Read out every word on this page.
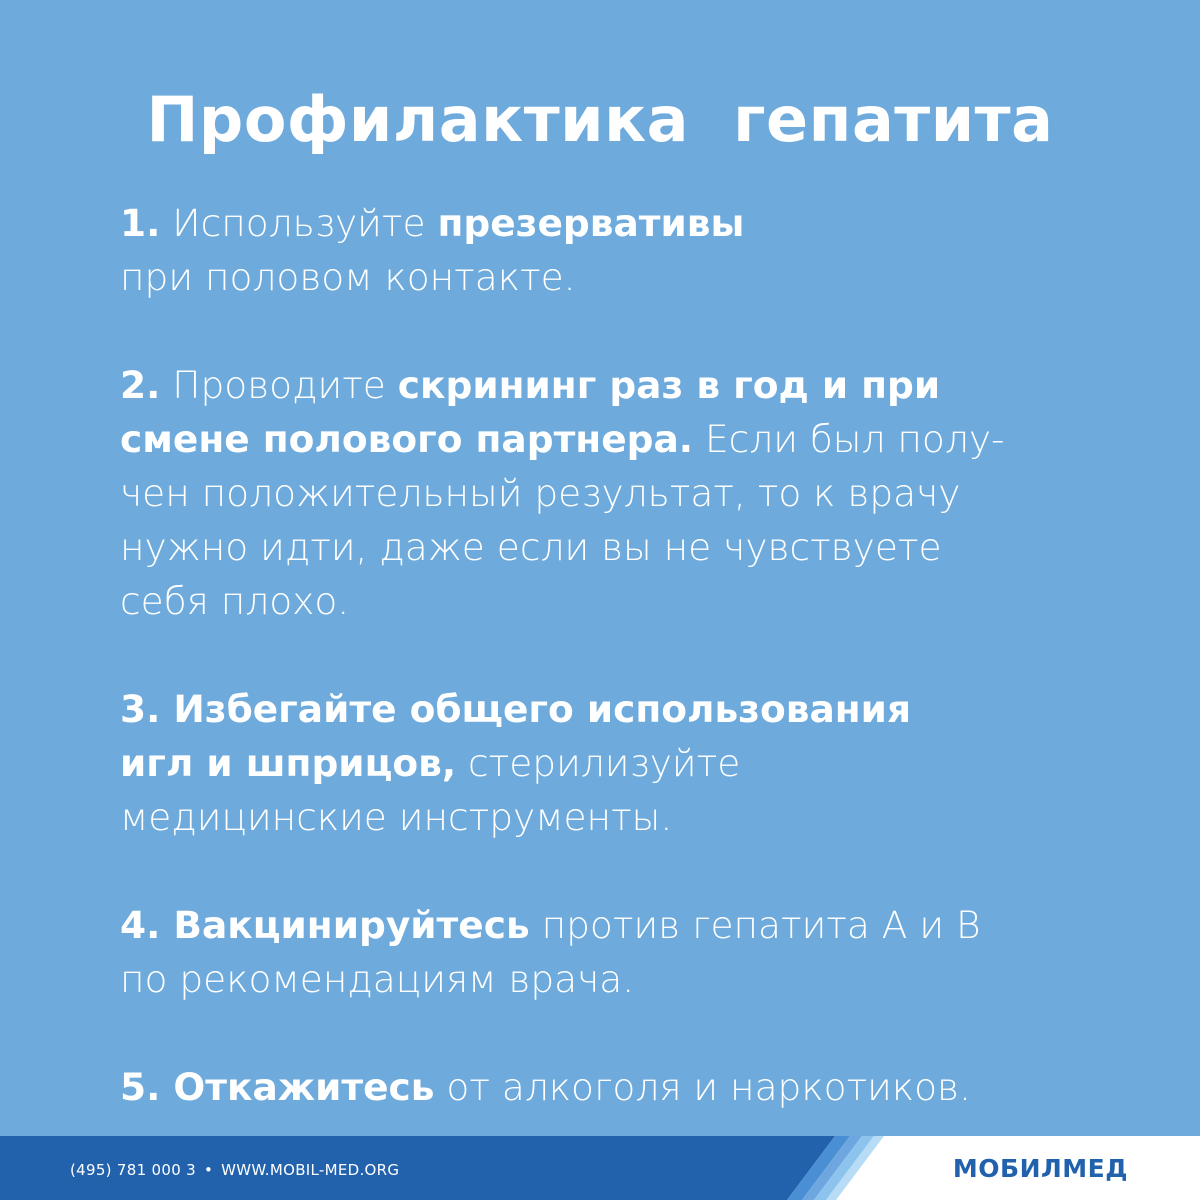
Профилактика  гепатита
1. Используйте презервативы
при половом контакте.
2. Проводите скрининг раз в год и при
смене полового партнера. Если был полу-
чен положительный результат, то к врачу
нужно идти, даже если вы не чувствуете
себя плохо.
3. Избегайте общего использования
игл и шприцов, стерилизуйте
медицинские инструменты.
4. Вакцинируйтесь против гепатита А и В
по рекомендациям врача.
5. Откажитесь от алкоголя и наркотиков.
(495) 781 000 3 • WWW.MOBIL-MED.ORG	МОБИЛМЕД
